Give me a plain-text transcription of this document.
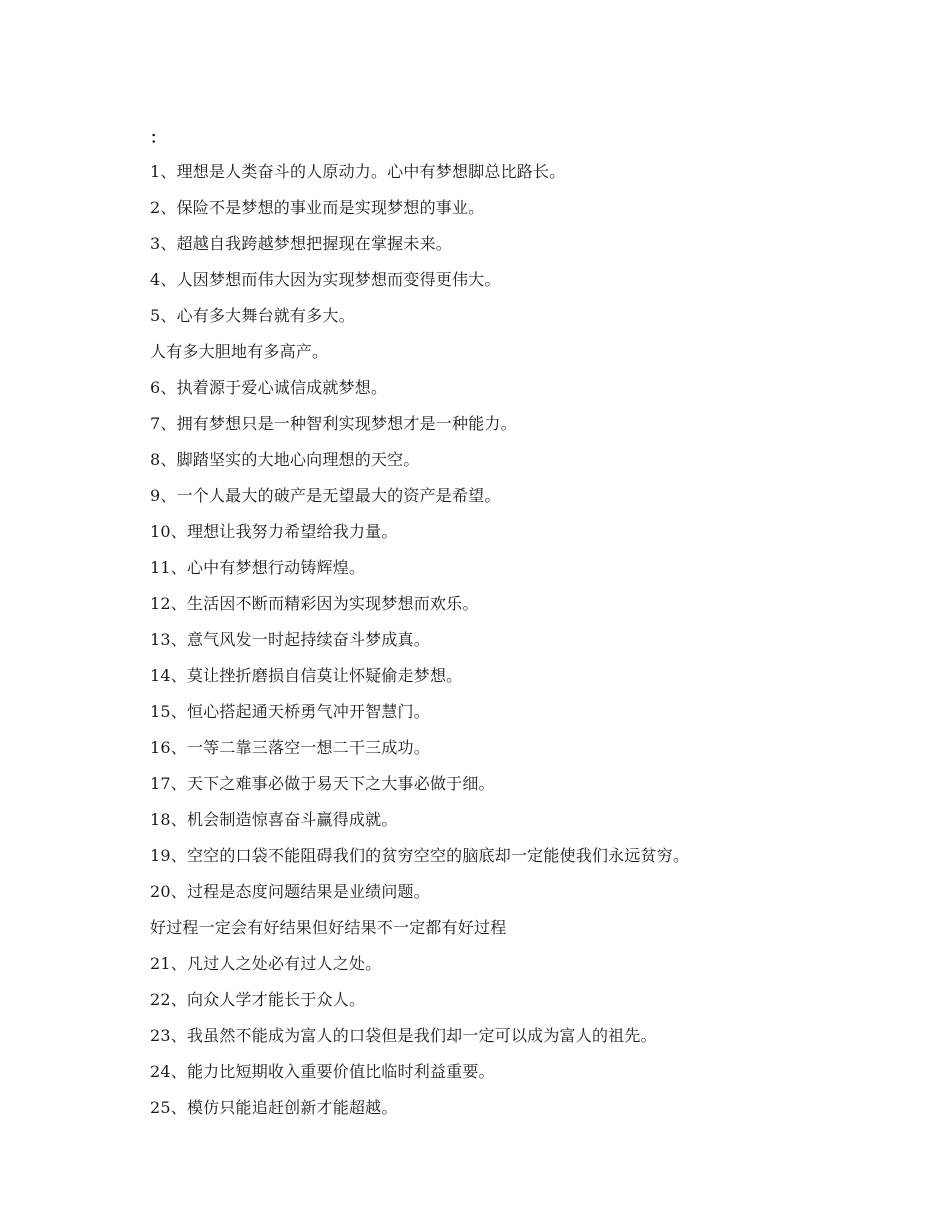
：
1、理想是人类奋斗的人原动力。心中有梦想脚总比路长。
2、保险不是梦想的事业而是实现梦想的事业。
3、超越自我跨越梦想把握现在掌握未来。
4、人因梦想而伟大因为实现梦想而变得更伟大。
5、心有多大舞台就有多大。
人有多大胆地有多高产。
6、执着源于爱心诚信成就梦想。
7、拥有梦想只是一种智利实现梦想才是一种能力。
8、脚踏坚实的大地心向理想的天空。
9、一个人最大的破产是无望最大的资产是希望。
10、理想让我努力希望给我力量。
11、心中有梦想行动铸辉煌。
12、生活因不断而精彩因为实现梦想而欢乐。
13、意气风发一时起持续奋斗梦成真。
14、莫让挫折磨损自信莫让怀疑偷走梦想。
15、恒心搭起通天桥勇气冲开智慧门。
16、一等二靠三落空一想二干三成功。
17、天下之难事必做于易天下之大事必做于细。
18、机会制造惊喜奋斗赢得成就。
19、空空的口袋不能阻碍我们的贫穷空空的脑底却一定能使我们永远贫穷。
20、过程是态度问题结果是业绩问题。
好过程一定会有好结果但好结果不一定都有好过程
21、凡过人之处必有过人之处。
22、向众人学才能长于众人。
23、我虽然不能成为富人的口袋但是我们却一定可以成为富人的祖先。
24、能力比短期收入重要价值比临时利益重要。
25、模仿只能追赶创新才能超越。
